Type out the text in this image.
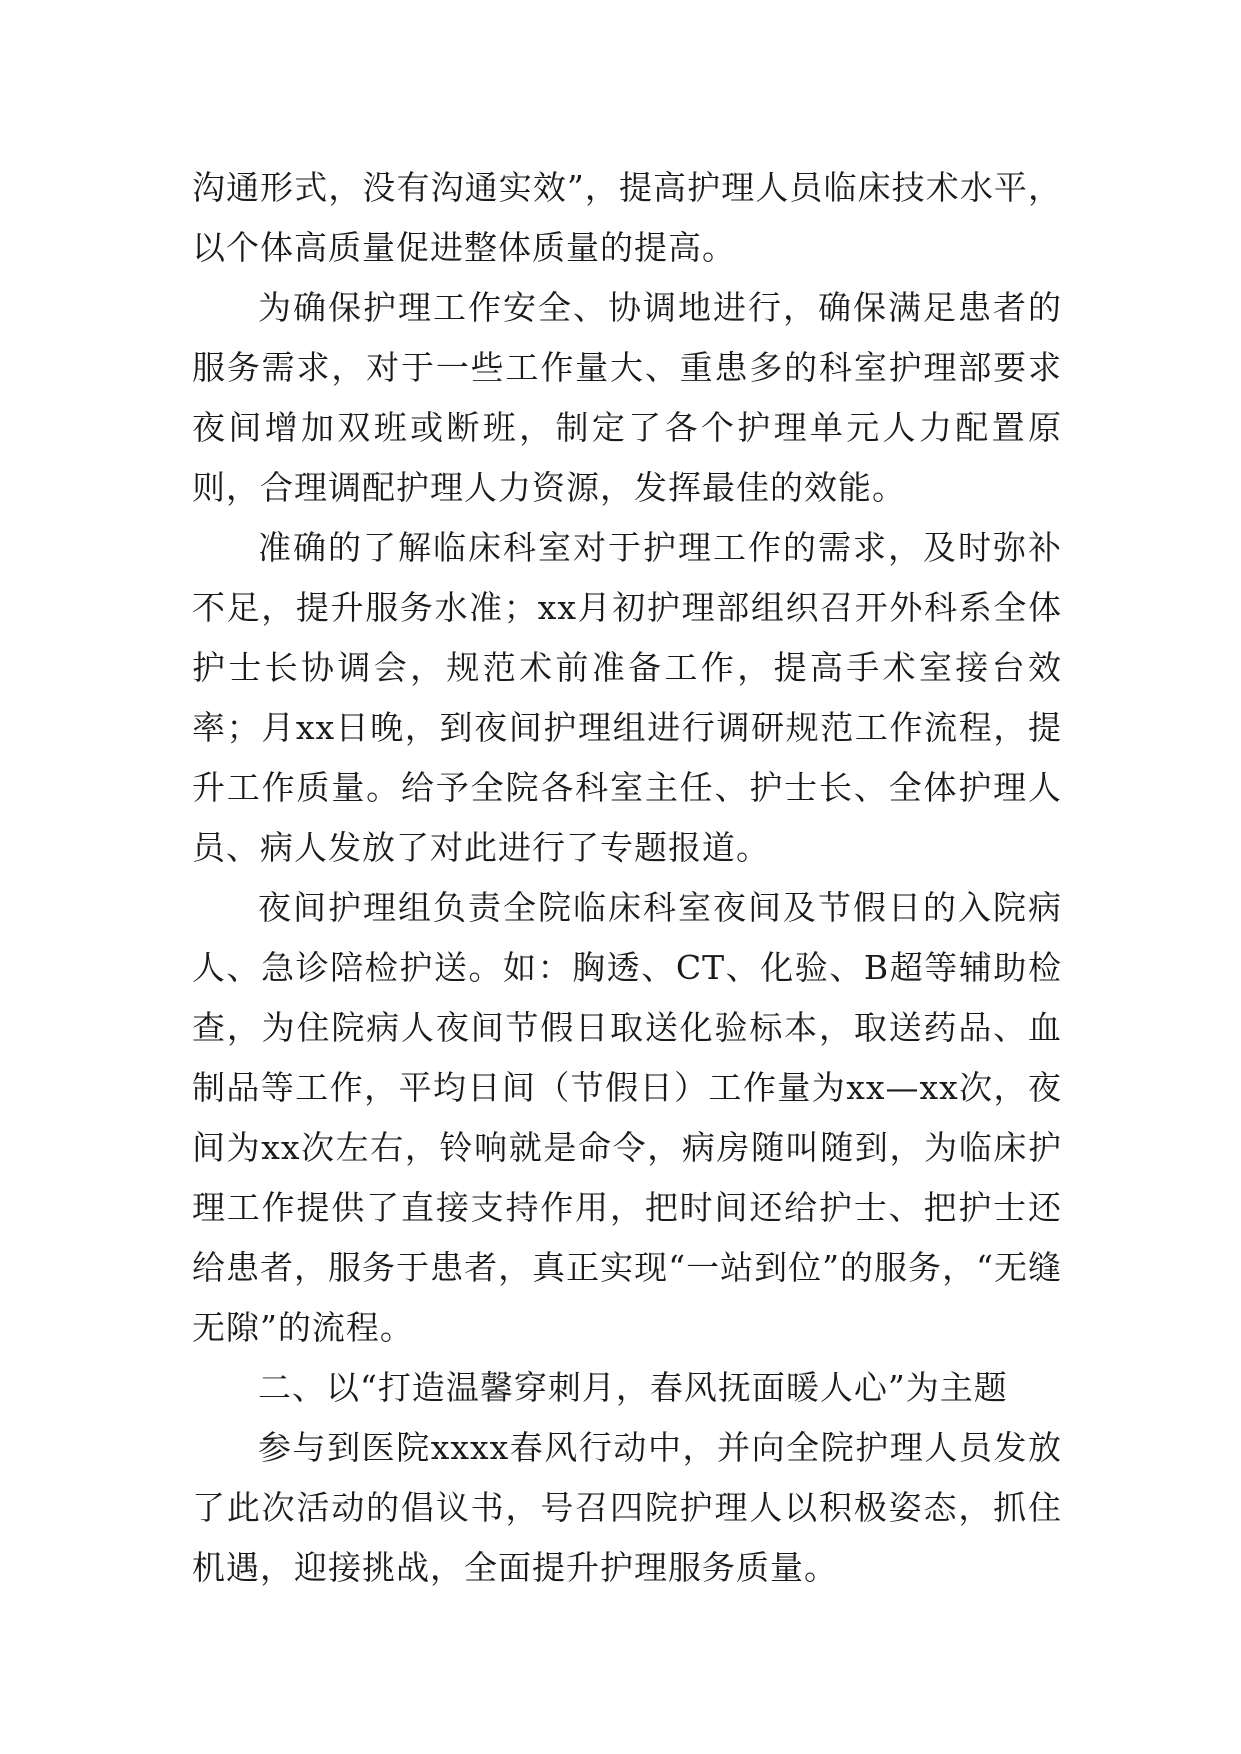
沟通形式，没有沟通实效”，提高护理人员临床技术水平，以个体高质量促进整体质量的提高。

为确保护理工作安全、协调地进行，确保满足患者的服务需求，对于一些工作量大、重患多的科室护理部要求夜间增加双班或断班，制定了各个护理单元人力配置原则，合理调配护理人力资源，发挥最佳的效能。

准确的了解临床科室对于护理工作的需求，及时弥补不足，提升服务水准；xx月初护理部组织召开外科系全体护士长协调会，规范术前准备工作，提高手术室接台效率；月xx日晚，到夜间护理组进行调研规范工作流程，提升工作质量。给予全院各科室主任、护士长、全体护理人员、病人发放了对此进行了专题报道。

夜间护理组负责全院临床科室夜间及节假日的入院病人、急诊陪检护送。如：胸透、CT、化验、B超等辅助检查，为住院病人夜间节假日取送化验标本，取送药品、血制品等工作，平均日间（节假日）工作量为xx—xx次，夜间为xx次左右，铃响就是命令，病房随叫随到，为临床护理工作提供了直接支持作用，把时间还给护士、把护士还给患者，服务于患者，真正实现“一站到位”的服务，“无缝无隙”的流程。

二、以“打造温馨穿刺月，春风抚面暖人心”为主题

参与到医院xxxx春风行动中，并向全院护理人员发放了此次活动的倡议书，号召四院护理人以积极姿态，抓住机遇，迎接挑战，全面提升护理服务质量。
